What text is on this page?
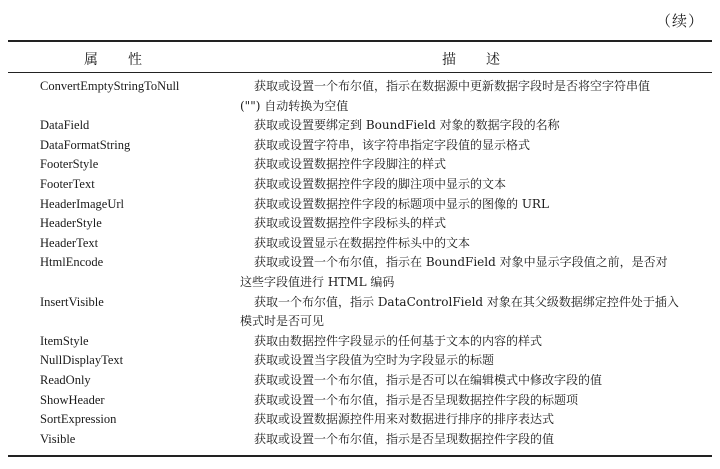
（续）
属性	描述
ConvertEmptyStringToNull	获取或设置一个布尔值，指示在数据源中更新数据字段时是否将空字符串值
("") 自动转换为空值
DataField	获取或设置要绑定到 BoundField 对象的数据字段的名称
DataFormatString	获取或设置字符串，该字符串指定字段值的显示格式
FooterStyle	获取或设置数据控件字段脚注的样式
FooterText	获取或设置数据控件字段的脚注项中显示的文本
HeaderImageUrl	获取或设置数据控件字段的标题项中显示的图像的 URL
HeaderStyle	获取或设置数据控件字段标头的样式
HeaderText	获取或设置显示在数据控件标头中的文本
HtmlEncode	获取或设置一个布尔值，指示在 BoundField 对象中显示字段值之前，是否对
这些字段值进行 HTML 编码
InsertVisible	获取一个布尔值，指示 DataControlField 对象在其父级数据绑定控件处于插入
模式时是否可见
ItemStyle	获取由数据控件字段显示的任何基于文本的内容的样式
NullDisplayText	获取或设置当字段值为空时为字段显示的标题
ReadOnly	获取或设置一个布尔值，指示是否可以在编辑模式中修改字段的值
ShowHeader	获取或设置一个布尔值，指示是否呈现数据控件字段的标题项
SortExpression	获取或设置数据源控件用来对数据进行排序的排序表达式
Visible	获取或设置一个布尔值，指示是否呈现数据控件字段的值
